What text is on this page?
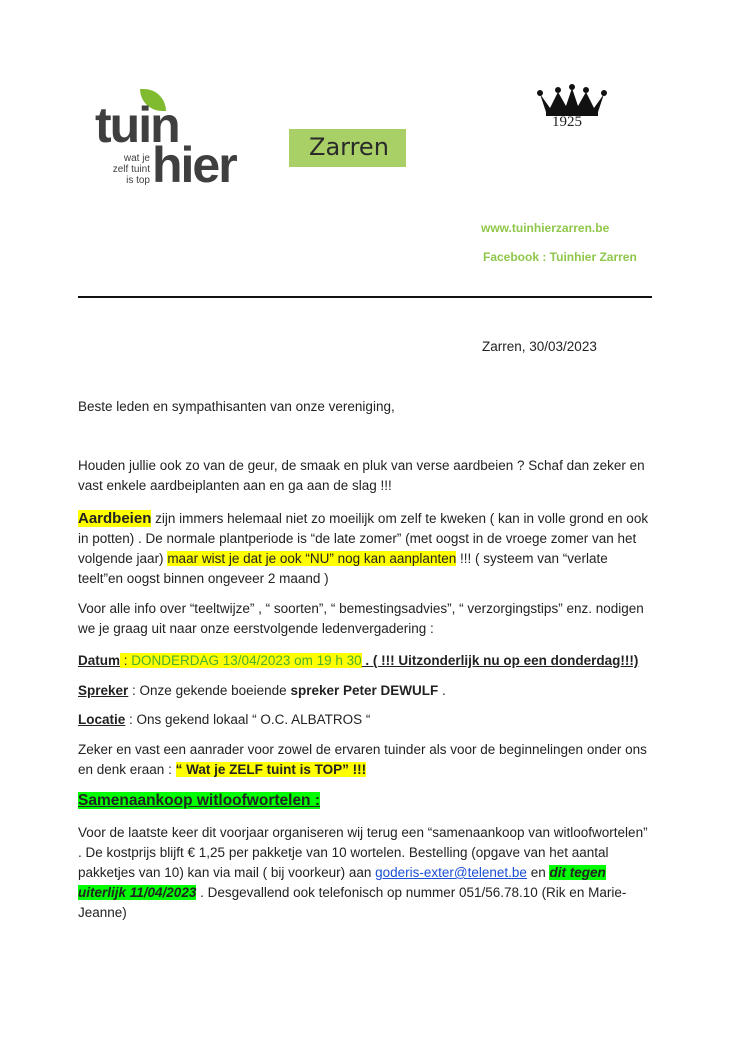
tuin
hier
wat je
zelf tuint
is top
Zarren
1925
www.tuinhierzarren.be
Facebook : Tuinhier Zarren
Zarren, 30/03/2023
Beste leden en sympathisanten van onze vereniging,
Houden jullie ook zo van de geur, de smaak en pluk van verse aardbeien ? Schaf dan zeker en vast enkele aardbeiplanten aan en ga aan de slag !!!
Aardbeien zijn immers helemaal niet zo moeilijk om zelf te kweken ( kan in volle grond en ook in potten) . De normale plantperiode is “de late zomer” (met oogst in de vroege zomer van het volgende jaar) maar wist je dat je ook “NU” nog kan aanplanten !!! ( systeem van “verlate teelt”en oogst binnen ongeveer 2 maand )
Voor alle info over “teeltwijze” , “ soorten”, “ bemestingsadvies”, “ verzorgingstips” enz. nodigen we je graag uit naar onze eerstvolgende ledenvergadering :
Datum : DONDERDAG 13/04/2023 om 19 h 30 . ( !!! Uitzonderlijk nu op een donderdag!!!)
Spreker : Onze gekende boeiende spreker Peter DEWULF .
Locatie : Ons gekend lokaal “ O.C. ALBATROS “
Zeker en vast een aanrader voor zowel de ervaren tuinder als voor de beginnelingen onder ons en denk eraan : “ Wat je ZELF tuint is TOP” !!!
Samenaankoop witloofwortelen :
Voor de laatste keer dit voorjaar organiseren wij terug een “samenaankoop van witloofwortelen” . De kostprijs blijft € 1,25 per pakketje van 10 wortelen. Bestelling (opgave van het aantal pakketjes van 10) kan via mail ( bij voorkeur) aan goderis-exter@telenet.be en dit tegen uiterlijk 11/04/2023 . Desgevallend ook telefonisch op nummer 051/56.78.10 (Rik en Marie-Jeanne)
